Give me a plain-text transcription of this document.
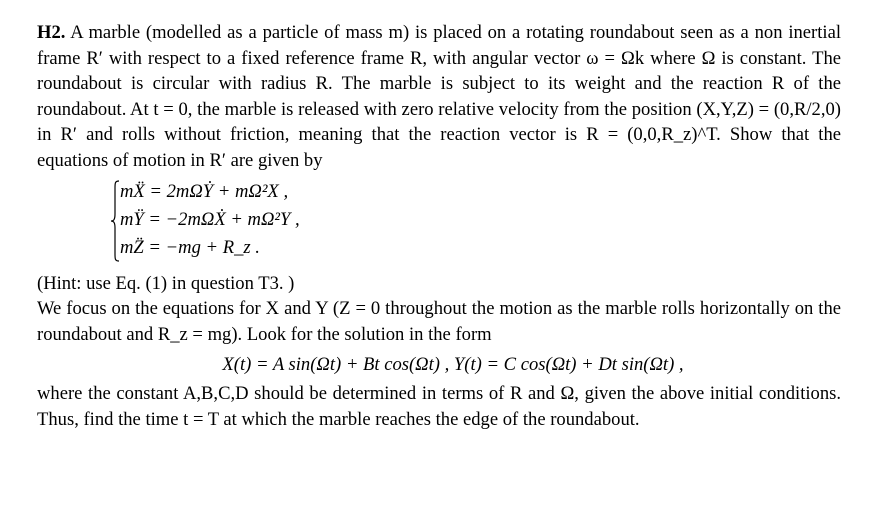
H2. A marble (modelled as a particle of mass m) is placed on a rotating roundabout seen as a non inertial frame R′ with respect to a fixed reference frame R, with angular vector ω = Ωk where Ω is constant. The roundabout is circular with radius R. The marble is subject to its weight and the reaction R of the roundabout. At t = 0, the marble is released with zero relative velocity from the position (X,Y,Z) = (0,R/2,0) in R′ and rolls without friction, meaning that the reaction vector is R = (0,0,R_z)^T. Show that the equations of motion in R′ are given by

mẌ = 2mΩẎ + mΩ²X ,
mŸ = −2mΩẊ + mΩ²Y ,
mZ̈ = −mg + R_z .

(Hint: use Eq. (1) in question T3. )

We focus on the equations for X and Y (Z = 0 throughout the motion as the marble rolls horizontally on the roundabout and R_z = mg). Look for the solution in the form

X(t) = A sin(Ωt) + Bt cos(Ωt) , Y(t) = C cos(Ωt) + Dt sin(Ωt) ,

where the constant A,B,C,D should be determined in terms of R and Ω, given the above initial conditions. Thus, find the time t = T at which the marble reaches the edge of the roundabout.
